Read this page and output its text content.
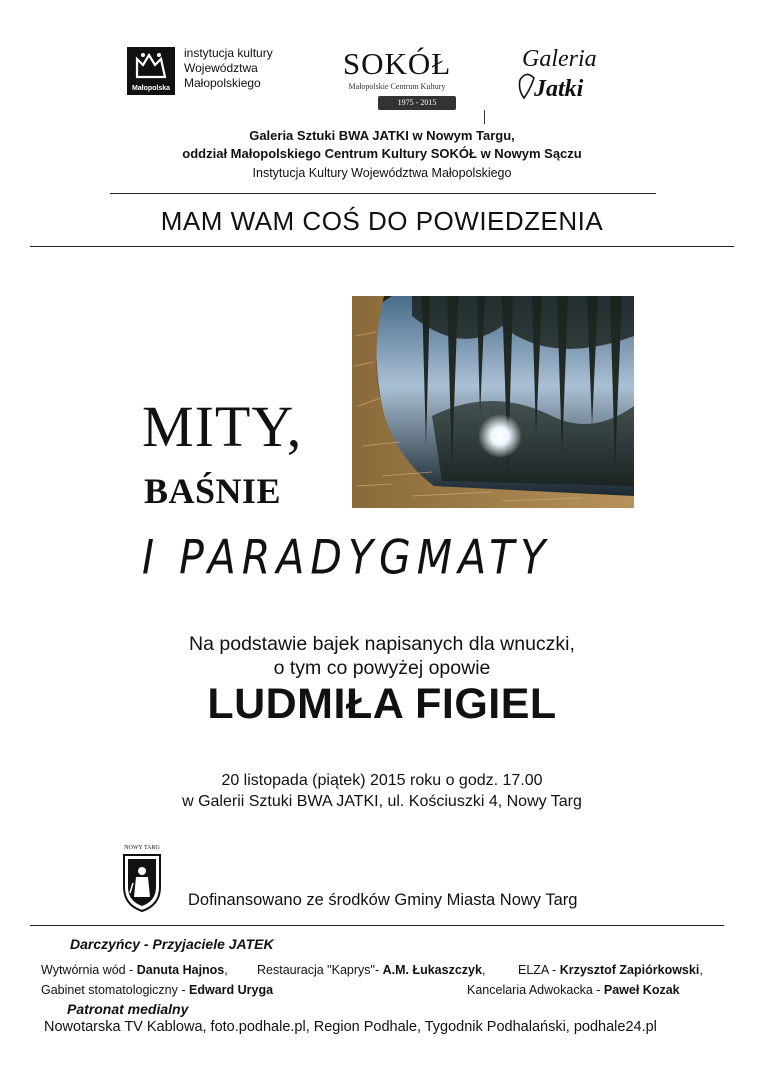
Małopolska
instytucja kultury
Województwa
Małopolskiego
SOKÓŁ
Małopolskie Centrum Kultury
1975 - 2015
Galeria
Jatki
Galeria Sztuki BWA JATKI w Nowym Targu,
oddział Małopolskiego Centrum Kultury SOKÓŁ w Nowym Sączu
Instytucja Kultury Województwa Małopolskiego
MAM WAM COŚ DO POWIEDZENIA
MITY,
BAŚNIE
I PARADYGMATY
Na podstawie bajek napisanych dla wnuczki,
o tym co powyżej opowie
LUDMIŁA FIGIEL
20 listopada (piątek) 2015 roku o godz. 17.00
w Galerii Sztuki BWA JATKI, ul. Kościuszki 4, Nowy Targ
NOWY TARG
Dofinansowano ze środków Gminy Miasta Nowy Targ
Darczyńcy - Przyjaciele JATEK
Wytwórnia wód - Danuta Hajnos, Restauracja "Kaprys"- A.M. Łukaszczyk,	ELZA - Krzysztof Zapiórkowski,
Gabinet stomatologiczny - Edward Uryga	Kancelaria Adwokacka - Paweł Kozak
Patronat medialny
Nowotarska TV Kablowa, foto.podhale.pl, Region Podhale, Tygodnik Podhalański, podhale24.pl
